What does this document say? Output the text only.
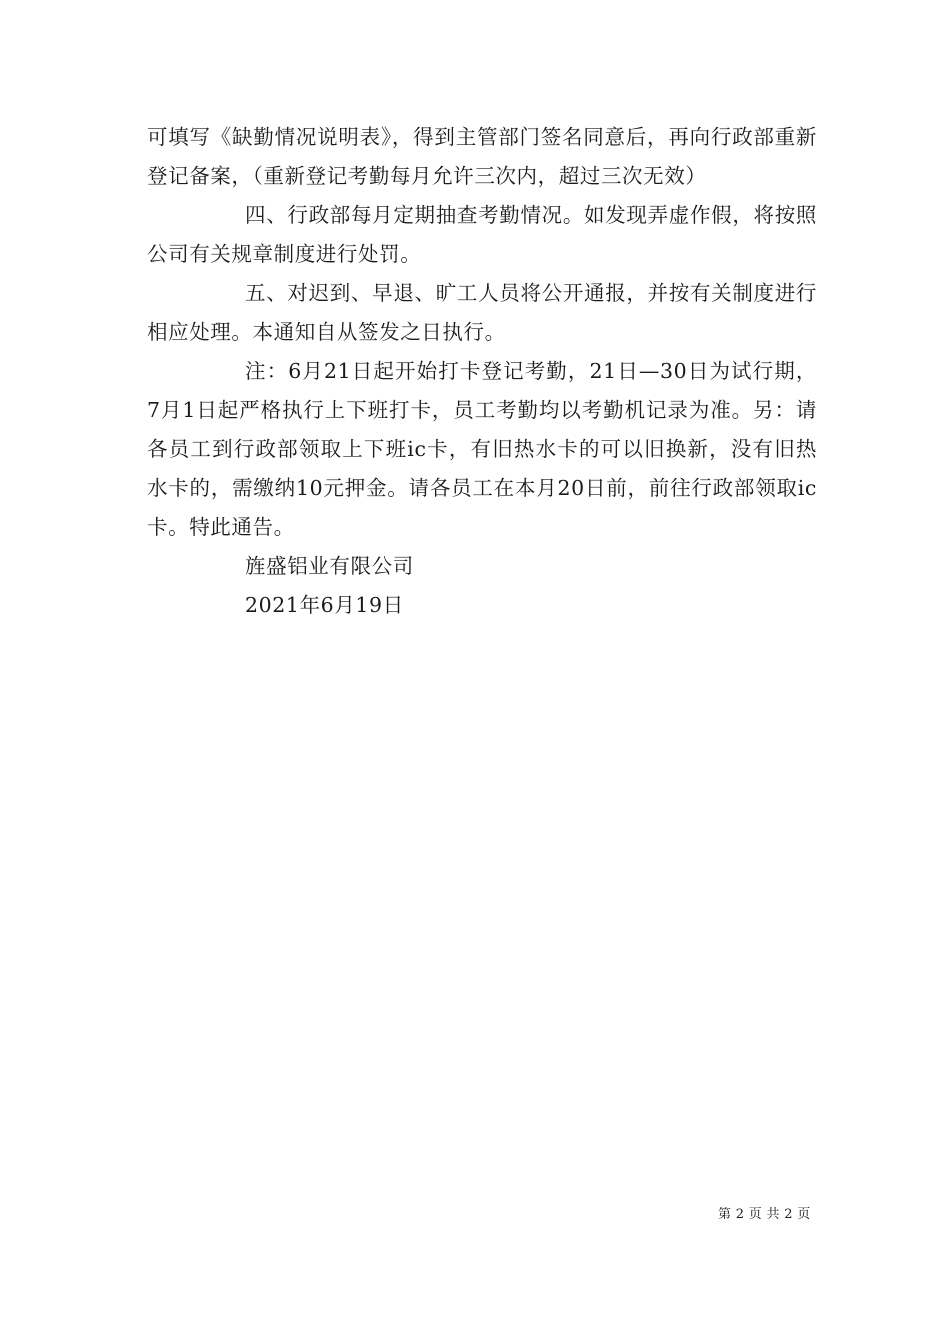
可填写《缺勤情况说明表》，得到主管部门签名同意后，再向行政部重新登记备案，（重新登记考勤每月允许三次内，超过三次无效）

四、行政部每月定期抽查考勤情况。如发现弄虚作假，将按照公司有关规章制度进行处罚。

五、对迟到、早退、旷工人员将公开通报，并按有关制度进行相应处理。本通知自从签发之日执行。

注：6月21日起开始打卡登记考勤，21日—30日为试行期，7月1日起严格执行上下班打卡，员工考勤均以考勤机记录为准。另：请各员工到行政部领取上下班ic卡，有旧热水卡的可以旧换新，没有旧热水卡的，需缴纳10元押金。请各员工在本月20日前，前往行政部领取ic卡。特此通告。

旌盛铝业有限公司

2021年6月19日

第 2 页 共 2 页
